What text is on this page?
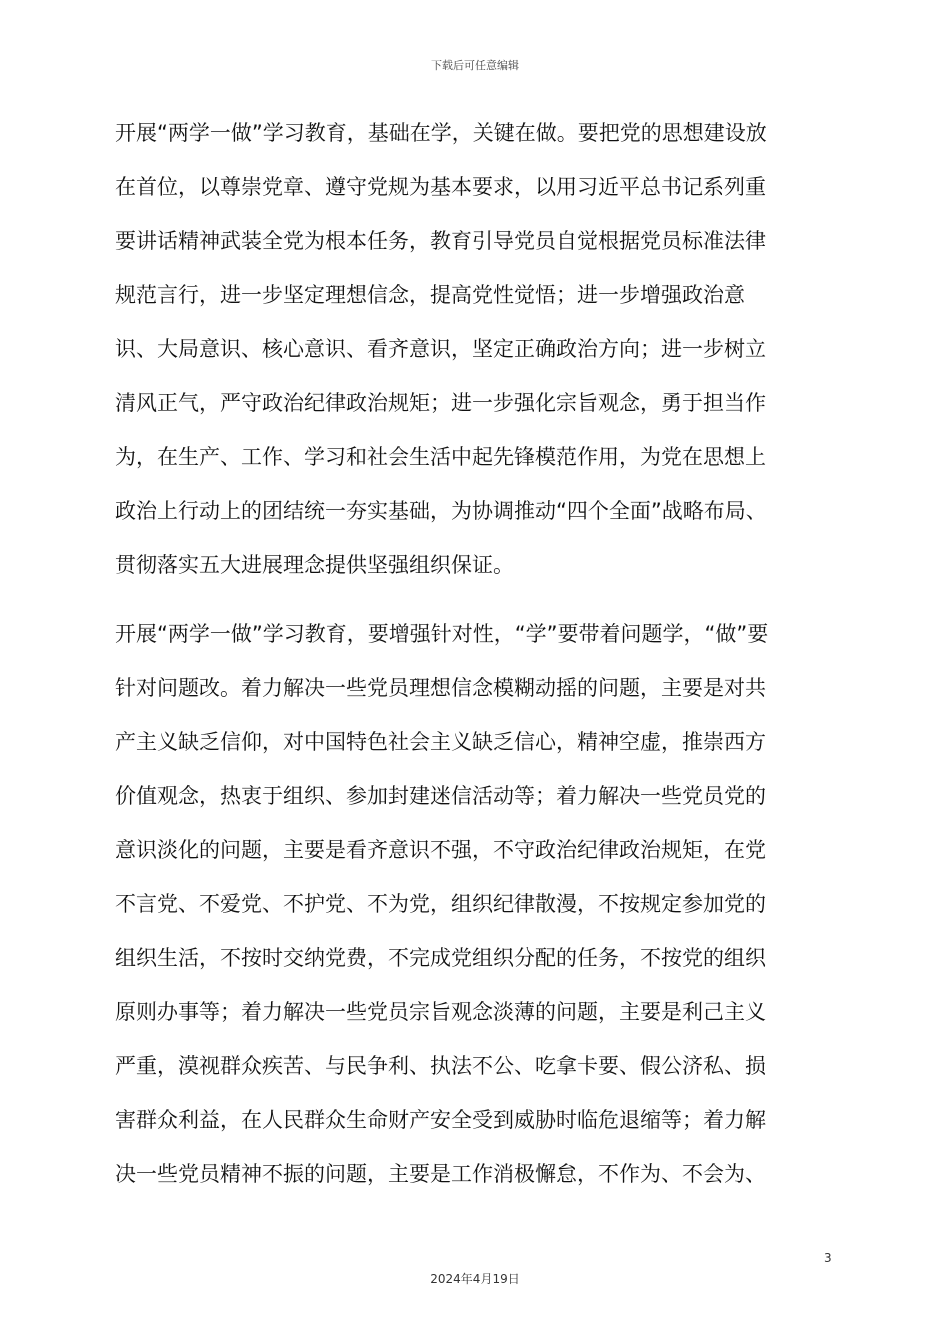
下载后可任意编辑
开展“两学一做”学习教育，基础在学，关键在做。要把党的思想建设放
在首位，以尊崇党章、遵守党规为基本要求，以用习近平总书记系列重
要讲话精神武装全党为根本任务，教育引导党员自觉根据党员标准法律
规范言行，进一步坚定理想信念，提高党性觉悟；进一步增强政治意
识、大局意识、核心意识、看齐意识，坚定正确政治方向；进一步树立
清风正气，严守政治纪律政治规矩；进一步强化宗旨观念，勇于担当作
为，在生产、工作、学习和社会生活中起先锋模范作用，为党在思想上
政治上行动上的团结统一夯实基础，为协调推动“四个全面”战略布局、
贯彻落实五大进展理念提供坚强组织保证。
开展“两学一做”学习教育，要增强针对性，“学”要带着问题学，“做”要
针对问题改。着力解决一些党员理想信念模糊动摇的问题，主要是对共
产主义缺乏信仰，对中国特色社会主义缺乏信心，精神空虚，推崇西方
价值观念，热衷于组织、参加封建迷信活动等；着力解决一些党员党的
意识淡化的问题，主要是看齐意识不强，不守政治纪律政治规矩，在党
不言党、不爱党、不护党、不为党，组织纪律散漫，不按规定参加党的
组织生活，不按时交纳党费，不完成党组织分配的任务，不按党的组织
原则办事等；着力解决一些党员宗旨观念淡薄的问题，主要是利己主义
严重，漠视群众疾苦、与民争利、执法不公、吃拿卡要、假公济私、损
害群众利益，在人民群众生命财产安全受到威胁时临危退缩等；着力解
决一些党员精神不振的问题，主要是工作消极懈怠，不作为、不会为、
3
2024年4月19日
